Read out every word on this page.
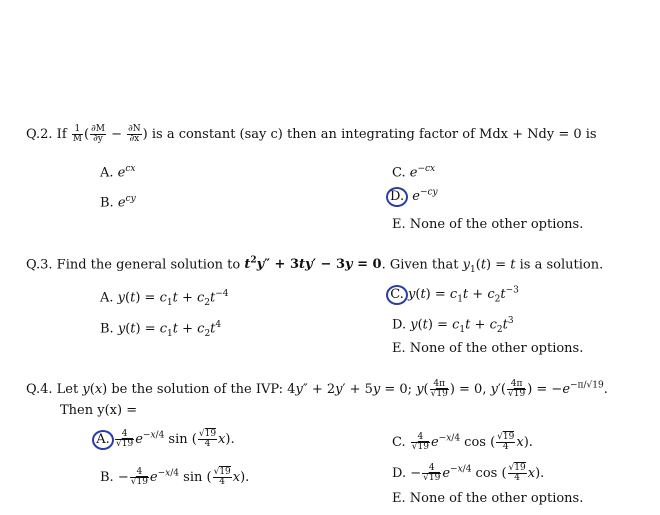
Q.2. If $\frac{1}{M}$ ( $\frac{\partial M}{\partial y} - \frac{\partial N}{\partial x}$ ) is a constant (say c) then an integrating factor of Mdx + Ndy = 0 is
A. $e^{cx}$
B. $e^{cy}$
C. $e^{-cx}$
D. $e^{-cy}$
E. None of the other options.
Q.3. Find the general solution to $t^2y'' + 3ty' - 3y = 0$. Given that $y_1(t) = t$ is a solution.
A. $y(t) = c_1t + c_2t^{-4}$
B. $y(t) = c_1t + c_2t^4$
C. $y(t) = c_1t + c_2t^{-3}$
D. $y(t) = c_1t + c_2t^3$
E. None of the other options.
Q.4. Let y(x) be the solution of the IVP: 4y″ + 2y′ + 5y = 0; $y( \frac{4\pi}{√19}$ ) = 0, $y'( \frac{4\pi}{√19}$ ) = $-e^{-\pi/√19}$.
Then y(x) =
A. $\frac{4}{√19} e^{-x/4}$ sin ( $\frac{√19}{4} x$).
B. − $\frac{4}{√19} e^{-x/4}$ sin ( $\frac{√19}{4} x$).
C. $\frac{4}{√19} e^{-x/4}$ cos ( $\frac{√19}{4} x$).
D. − $\frac{4}{√19} e^{-x/4}$ cos ( $\frac{√19}{4} x$).
E. None of the other options.
